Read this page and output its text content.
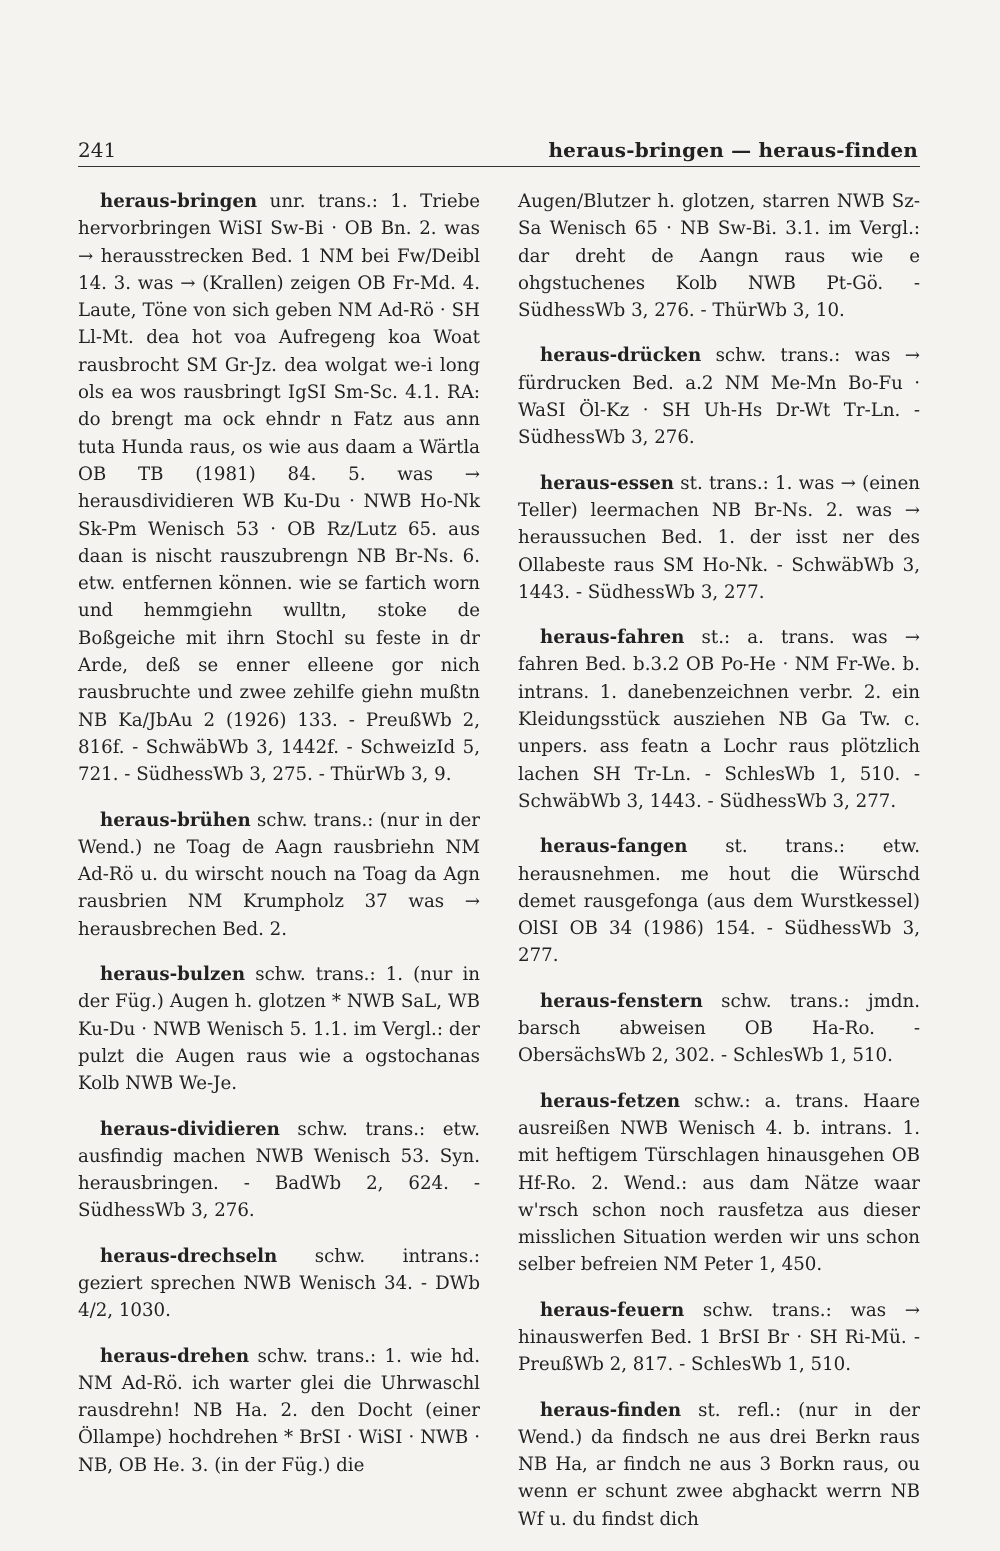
241	heraus-bringen — heraus-finden

heraus-bringen unr. trans.: 1. Triebe hervorbringen WiSI Sw-Bi · OB Bn. 2. was → herausstrecken Bed. 1 NM bei Fw/Deibl 14. 3. was → (Krallen) zeigen OB Fr-Md. 4. Laute, Töne von sich geben NM Ad-Rö · SH Ll-Mt. dea hot voa Aufregeng koa Woat rausbrocht SM Gr-Jz. dea wolgat we-i long ols ea wos rausbringt IgSI Sm-Sc. 4.1. RA: do brengt ma ock ehndr n Fatz aus ann tuta Hunda raus, os wie aus daam a Wärtla OB TB (1981) 84. 5. was → herausdividieren WB Ku-Du · NWB Ho-Nk Sk-Pm Wenisch 53 · OB Rz/Lutz 65. aus daan is nischt rauszubrengn NB Br-Ns. 6. etw. entfernen können. wie se fartich worn und hemmgiehn wulltn, stoke de Boßgeiche mit ihrn Stochl su feste in dr Arde, deß se enner elleene gor nich rausbruchte und zwee zehilfe giehn mußtn NB Ka/JbAu 2 (1926) 133. - PreußWb 2, 816f. - SchwäbWb 3, 1442f. - SchweizId 5, 721. - SüdhessWb 3, 275. - ThürWb 3, 9.

heraus-brühen schw. trans.: (nur in der Wend.) ne Toag de Aagn rausbriehn NM Ad-Rö u. du wirscht nouch na Toag da Agn rausbrien NM Krumpholz 37 was → herausbrechen Bed. 2.

heraus-bulzen schw. trans.: 1. (nur in der Füg.) Augen h. glotzen * NWB SaL, WB Ku-Du · NWB Wenisch 5. 1.1. im Vergl.: der pulzt die Augen raus wie a ogstochanas Kolb NWB We-Je.

heraus-dividieren schw. trans.: etw. ausfindig machen NWB Wenisch 53. Syn. herausbringen. - BadWb 2, 624. - SüdhessWb 3, 276.

heraus-drechseln schw. intrans.: geziert sprechen NWB Wenisch 34. - DWb 4/2, 1030.

heraus-drehen schw. trans.: 1. wie hd. NM Ad-Rö. ich warter glei die Uhrwaschl rausdrehn! NB Ha. 2. den Docht (einer Öllampe) hochdrehen * BrSI · WiSI · NWB · NB, OB He. 3. (in der Füg.) die

Augen/Blutzer h. glotzen, starren NWB Sz-Sa Wenisch 65 · NB Sw-Bi. 3.1. im Vergl.: dar dreht de Aangn raus wie e ohgstuchenes Kolb NWB Pt-Gö. - SüdhessWb 3, 276. - ThürWb 3, 10.

heraus-drücken schw. trans.: was → fürdrucken Bed. a.2 NM Me-Mn Bo-Fu · WaSI Öl-Kz · SH Uh-Hs Dr-Wt Tr-Ln. - SüdhessWb 3, 276.

heraus-essen st. trans.: 1. was → (einen Teller) leermachen NB Br-Ns. 2. was → heraussuchen Bed. 1. der isst ner des Ollabeste raus SM Ho-Nk. - SchwäbWb 3, 1443. - SüdhessWb 3, 277.

heraus-fahren st.: a. trans. was → fahren Bed. b.3.2 OB Po-He · NM Fr-We. b. intrans. 1. danebenzeichnen verbr. 2. ein Kleidungsstück ausziehen NB Ga Tw. c. unpers. ass featn a Lochr raus plötzlich lachen SH Tr-Ln. - SchlesWb 1, 510. - SchwäbWb 3, 1443. - SüdhessWb 3, 277.

heraus-fangen st. trans.: etw. herausnehmen. me hout die Würschd demet rausgefonga (aus dem Wurstkessel) OlSI OB 34 (1986) 154. - SüdhessWb 3, 277.

heraus-fenstern schw. trans.: jmdn. barsch abweisen OB Ha-Ro. - ObersächsWb 2, 302. - SchlesWb 1, 510.

heraus-fetzen schw.: a. trans. Haare ausreißen NWB Wenisch 4. b. intrans. 1. mit heftigem Türschlagen hinausgehen OB Hf-Ro. 2. Wend.: aus dam Nätze waar w'rsch schon noch rausfetza aus dieser misslichen Situation werden wir uns schon selber befreien NM Peter 1, 450.

heraus-feuern schw. trans.: was → hinauswerfen Bed. 1 BrSI Br · SH Ri-Mü. - PreußWb 2, 817. - SchlesWb 1, 510.

heraus-finden st. refl.: (nur in der Wend.) da findsch ne aus drei Berkn raus NB Ha, ar findch ne aus 3 Borkn raus, ou wenn er schunt zwee abghackt werrn NB Wf u. du findst dich
